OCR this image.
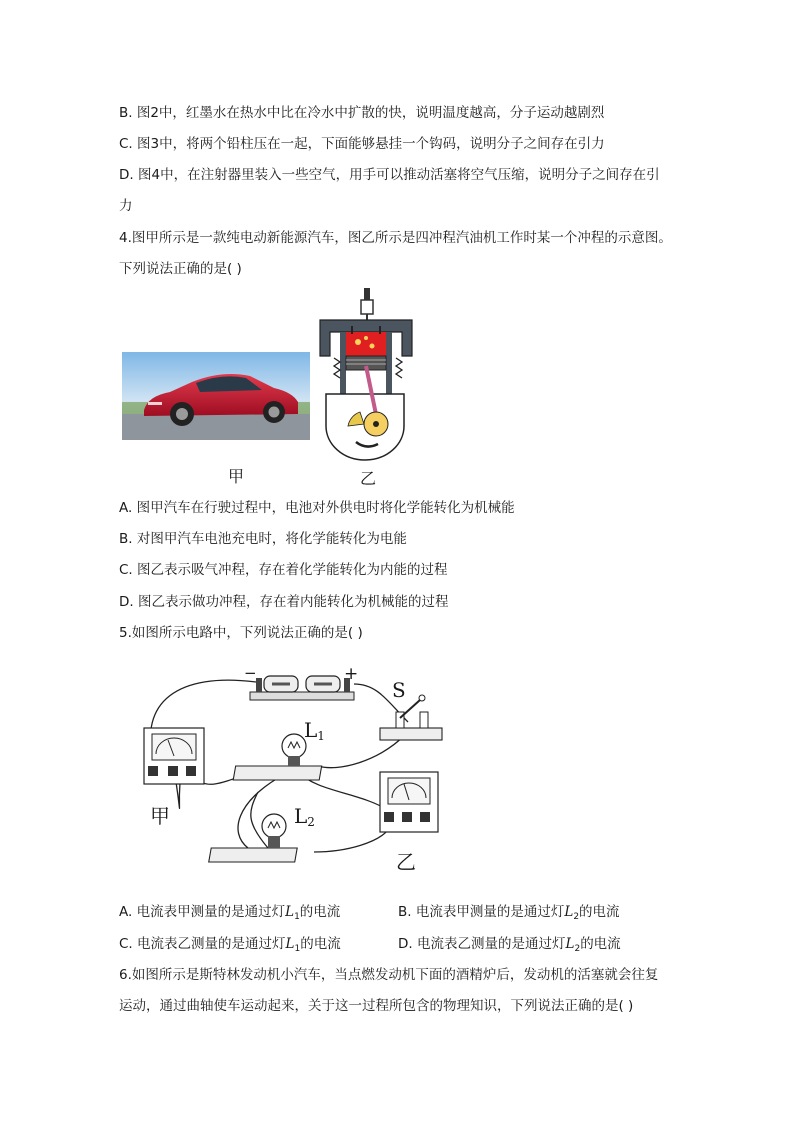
B. 图2中，红墨水在热水中比在冷水中扩散的快，说明温度越高，分子运动越剧烈
C. 图3中，将两个铅柱压在一起，下面能够悬挂一个钩码，说明分子之间存在引力
D. 图4中，在注射器里装入一些空气，用手可以推动活塞将空气压缩，说明分子之间存在引
力
4.图甲所示是一款纯电动新能源汽车，图乙所示是四冲程汽油机工作时某一个冲程的示意图。
下列说法正确的是( )
甲	乙
A. 图甲汽车在行驶过程中，电池对外供电时将化学能转化为机械能
B. 对图甲汽车电池充电时，将化学能转化为电能
C. 图乙表示吸气冲程，存在着化学能转化为内能的过程
D. 图乙表示做功冲程，存在着内能转化为机械能的过程
5.如图所示电路中，下列说法正确的是( )
−	+
S
$L_1$
$L_2$
甲
乙
A. 电流表甲测量的是通过灯$L_1$的电流	B. 电流表甲测量的是通过灯$L_2$的电流
C. 电流表乙测量的是通过灯$L_1$的电流	D. 电流表乙测量的是通过灯$L_2$的电流
6.如图所示是斯特林发动机小汽车，当点燃发动机下面的酒精炉后，发动机的活塞就会往复
运动，通过曲轴使车运动起来，关于这一过程所包含的物理知识，下列说法正确的是( )
